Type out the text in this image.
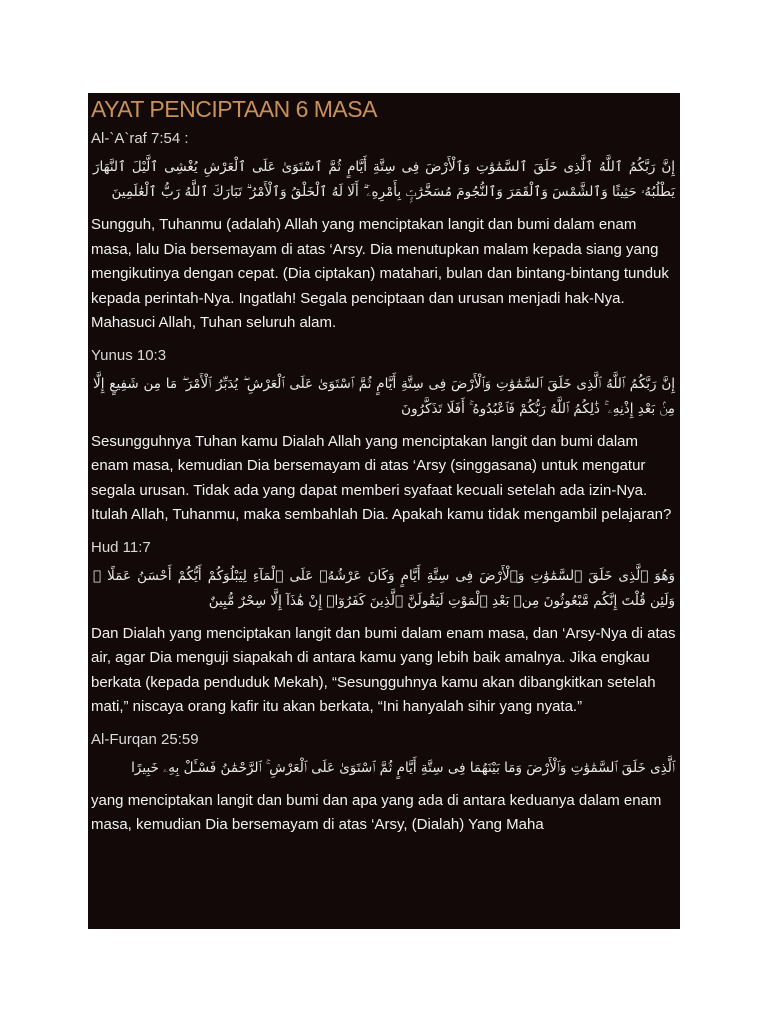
AYAT PENCIPTAAN 6 MASA
Al-`A`raf 7:54 :
إِنَّ رَبَّكُمُ ٱللَّهُ ٱلَّذِى خَلَقَ ٱلسَّمَٰوَٰتِ وَٱلْأَرْضَ فِى سِتَّةِ أَيَّامٍ ثُمَّ ٱسْتَوَىٰ عَلَى ٱلْعَرْشِ يُغْشِى ٱلَّيْلَ ٱلنَّهَارَ يَطْلُبُهُۥ حَثِيثًا وَٱلشَّمْسَ وَٱلْقَمَرَ وَٱلنُّجُومَ مُسَخَّرَٰتٍۭ بِأَمْرِهِۦٓ ۗ أَلَا لَهُ ٱلْخَلْقُ وَٱلْأَمْرُ ۗ تَبَارَكَ ٱللَّهُ رَبُّ ٱلْعَٰلَمِينَ
Sungguh, Tuhanmu (adalah) Allah yang menciptakan langit dan bumi dalam enam masa, lalu Dia bersemayam di atas ‘Arsy. Dia menutupkan malam kepada siang yang mengikutinya dengan cepat. (Dia ciptakan) matahari, bulan dan bintang-bintang tunduk kepada perintah-Nya. Ingatlah! Segala penciptaan dan urusan menjadi hak-Nya. Mahasuci Allah, Tuhan seluruh alam.
Yunus 10:3
إِنَّ رَبَّكُمُ ٱللَّهُ ٱلَّذِى خَلَقَ ٱلسَّمَٰوَٰتِ وَٱلْأَرْضَ فِى سِتَّةِ أَيَّامٍ ثُمَّ ٱسْتَوَىٰ عَلَى ٱلْعَرْشِ ۖ يُدَبِّرُ ٱلْأَمْرَ ۖ مَا مِن شَفِيعٍ إِلَّا مِنۢ بَعْدِ إِذْنِهِۦ ۚ ذَٰلِكُمُ ٱللَّهُ رَبُّكُمْ فَٱعْبُدُوهُ ۚ أَفَلَا تَذَكَّرُونَ
Sesungguhnya Tuhan kamu Dialah Allah yang menciptakan langit dan bumi dalam enam masa, kemudian Dia bersemayam di atas ‘Arsy (singgasana) untuk mengatur segala urusan. Tidak ada yang dapat memberi syafaat kecuali setelah ada izin-Nya. Itulah Allah, Tuhanmu, maka sembahlah Dia. Apakah kamu tidak mengambil pelajaran?
Hud 11:7
وَهُوَ ٱلَّذِى خَلَقَ ٱلسَّمَٰوَٰتِ وَٱلْأَرْضَ فِى سِتَّةِ أَيَّامٍ وَكَانَ عَرْشُهُۥ عَلَى ٱلْمَآءِ لِيَبْلُوَكُمْ أَيُّكُمْ أَحْسَنُ عَمَلًا ۗ وَلَئِن قُلْتَ إِنَّكُم مَّبْعُوثُونَ مِنۢ بَعْدِ ٱلْمَوْتِ لَيَقُولَنَّ ٱلَّذِينَ كَفَرُوٓا۟ إِنْ هَٰذَآ إِلَّا سِحْرٌ مُّبِينٌ
Dan Dialah yang menciptakan langit dan bumi dalam enam masa, dan ‘Arsy-Nya di atas air, agar Dia menguji siapakah di antara kamu yang lebih baik amalnya. Jika engkau berkata (kepada penduduk Mekah), “Sesungguhnya kamu akan dibangkitkan setelah mati,” niscaya orang kafir itu akan berkata, “Ini hanyalah sihir yang nyata.”
Al-Furqan 25:59
ٱلَّذِى خَلَقَ ٱلسَّمَٰوَٰتِ وَٱلْأَرْضَ وَمَا بَيْنَهُمَا فِى سِتَّةِ أَيَّامٍ ثُمَّ ٱسْتَوَىٰ عَلَى ٱلْعَرْشِ ۚ ٱلرَّحْمَٰنُ فَسْـَٔلْ بِهِۦ خَبِيرًا
yang menciptakan langit dan bumi dan apa yang ada di antara keduanya dalam enam masa, kemudian Dia bersemayam di atas ‘Arsy, (Dialah) Yang Maha
